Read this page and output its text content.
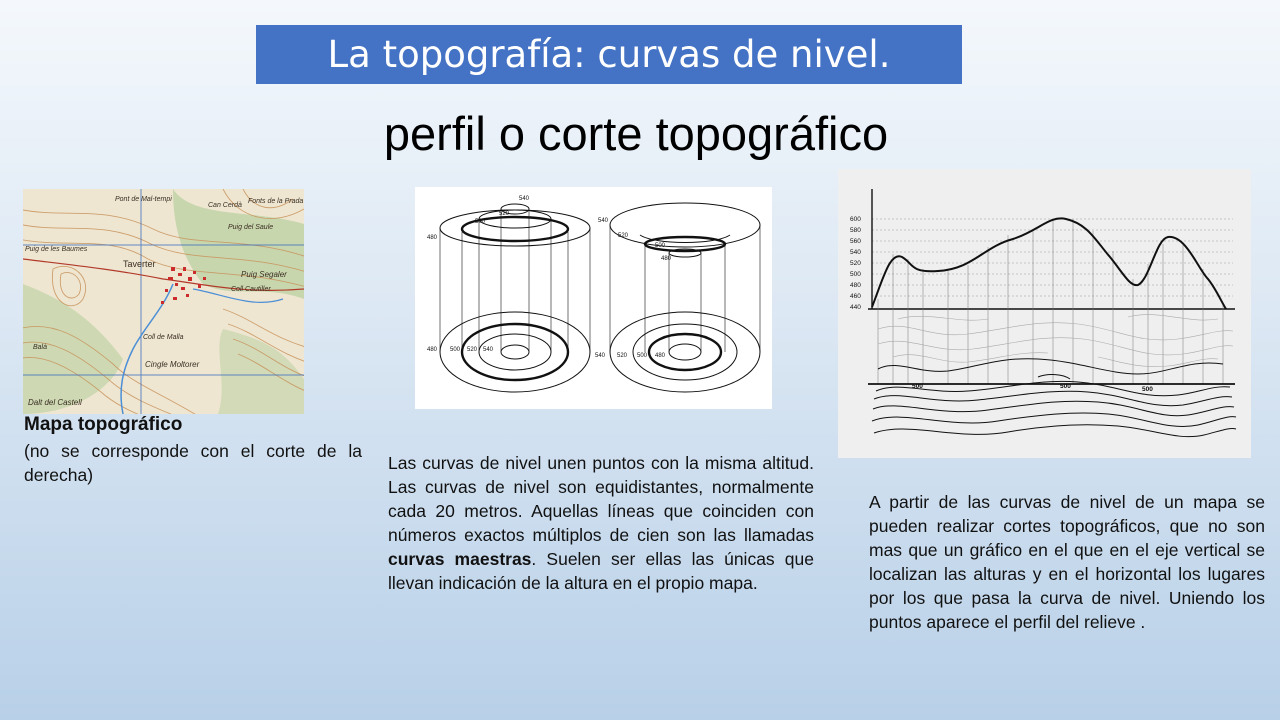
La topografía: curvas de nivel.
perfil o corte topográfico
Puig de les Baumes
Pont de Mal-tempi
Can Cerdà
Puig del Saule
Fonts de la Prada
Taverter
Puig Segaler
Coll Cautiller
Cingle Moltorer
Balà
Dalt del Castell
Coll de Malla
Mapa topográfico
(no se corresponde con el corte de la derecha)
540
520
500
480
480 500 520 540
540
520
500
480
540 520 500 480
Las curvas de nivel unen puntos con la misma altitud. Las curvas de nivel son equidistantes, normalmente cada 20 metros. Aquellas líneas que coinciden con números exactos múltiplos de cien son las llamadas curvas maestras. Suelen ser ellas las únicas que llevan indicación de la altura en el propio mapa.
600
580
560
540
520
500
480
460
440
500	500	500
A partir de las curvas de nivel de un mapa se pueden realizar cortes topográficos, que no son mas que un gráfico en el que en el eje vertical se localizan las alturas y en el horizontal los lugares por los que pasa la curva de nivel. Uniendo los puntos aparece el perfil del relieve .
